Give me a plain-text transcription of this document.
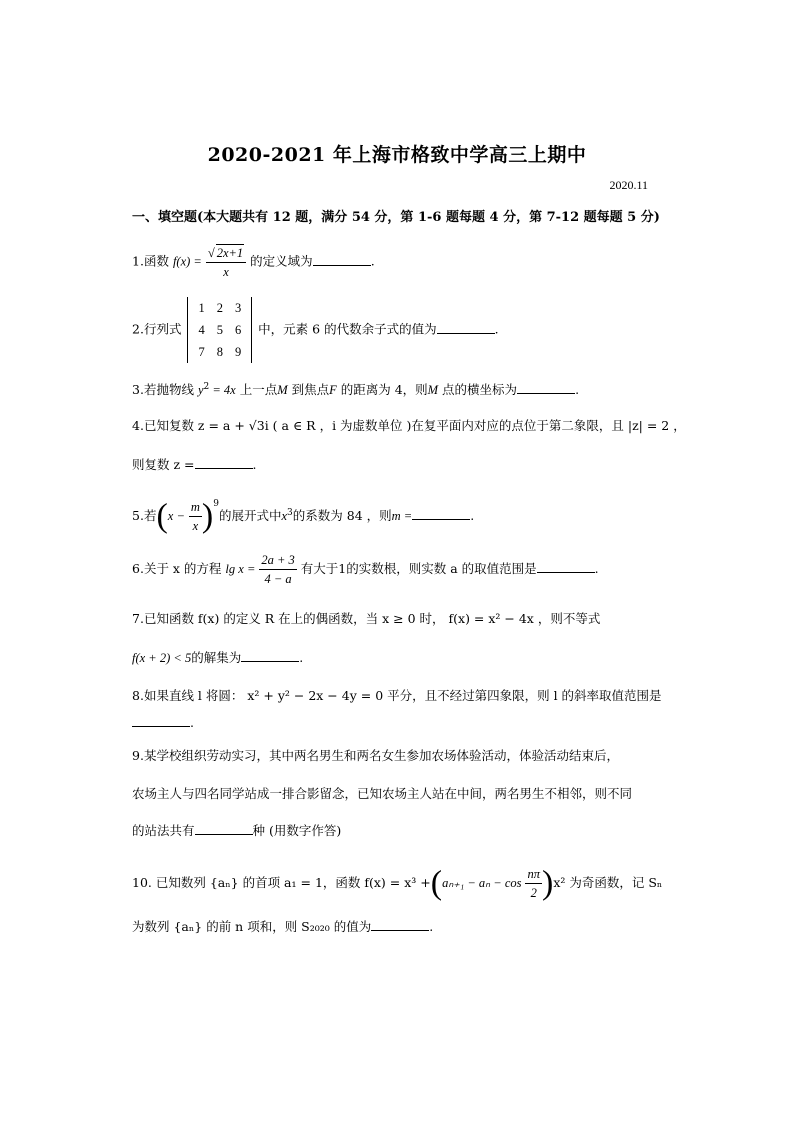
2020-2021 年上海市格致中学高三上期中
2020.11
一、填空题(本大题共有 12 题，满分 54 分，第 1-6 题每题 4 分，第 7-12 题每题 5 分)
1.函数 $f(x) = \frac{√ 2x+1}{x}$ 的定义域为	.
2.行列式
1	2	3
4	5	6
7	8	9
中，元素 6 的代数余子式的值为	.
3.若抛物线 $y^2 = 4x$ 上一点M 到焦点F 的距离为 4，则M 点的横坐标为	.
4.已知复数 z = a + √3i ( a ∈ R ，i 为虚数单位 )在复平面内对应的点位于第二象限，且 |z| = 2 ，
则复数 z =	.
5.若$(x - \frac{m}{x} )^9$的展开式中$x^3$的系数为 84 ，则m =	.
6.关于 x 的方程 $\lg x = \frac{2a + 3}{4 - a}$ 有大于1的实数根，则实数 a 的取值范围是	.
7.已知函数 f(x) 的定义 R 在上的偶函数，当 x ≥ 0 时， f(x) = x² − 4x ，则不等式
f(x + 2) < 5的解集为	.
8.如果直线 l 将圆： x² + y² − 2x − 4y = 0 平分，且不经过第四象限，则 l 的斜率取值范围是
.
9.某学校组织劳动实习，其中两名男生和两名女生参加农场体验活动，体验活动结束后，
农场主人与四名同学站成一排合影留念，已知农场主人站在中间，两名男生不相邻，则不同
的站法共有	种 (用数字作答)
10. 已知数列 {aₙ} 的首项 a₁ = 1，函数 $f(x) = x^3 +(a_{n+1} - a_n - \cos \frac{n\pi}{2} )x^2$ 为奇函数，记 Sₙ
为数列 {aₙ} 的前 n 项和，则 S₂₀₂₀ 的值为	.
